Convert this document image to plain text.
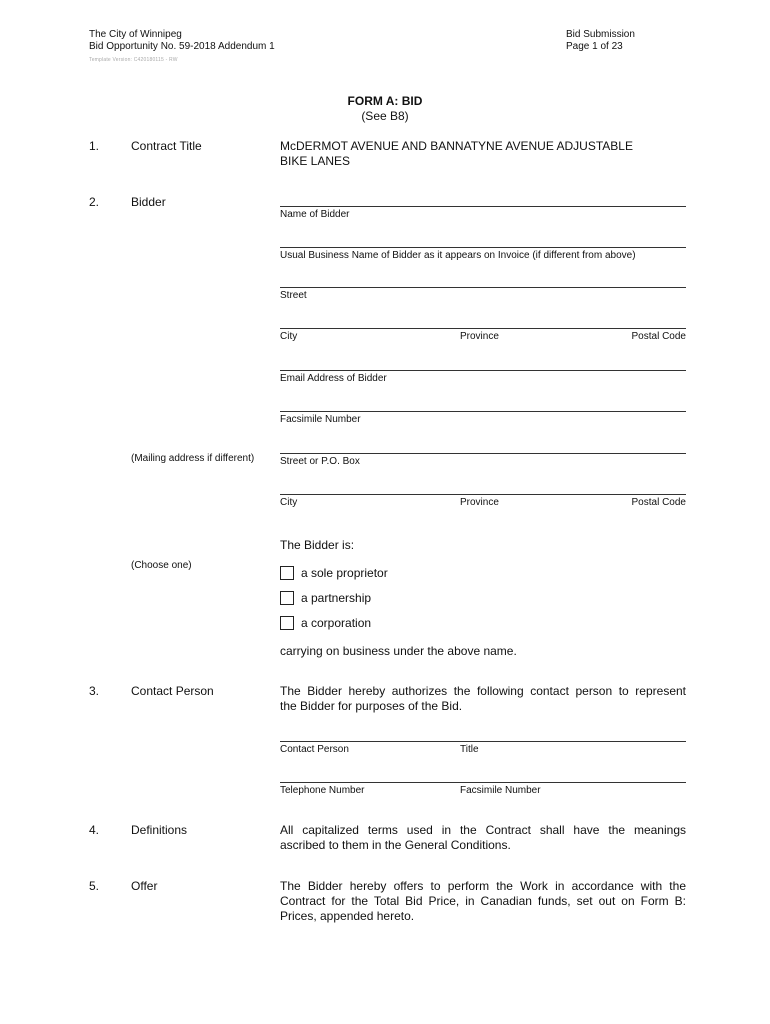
The City of Winnipeg
Bid Opportunity No. 59-2018 Addendum 1
Template Version: C420180115 - RW
Bid Submission
Page 1 of 23
FORM A: BID
(See B8)
1.	Contract Title	McDERMOT AVENUE AND BANNATYNE AVENUE ADJUSTABLE
BIKE LANES
2.	Bidder
Name of Bidder
Usual Business Name of Bidder as it appears on Invoice (if different from above)
Street
City	Province	Postal Code
Email Address of Bidder
Facsimile Number
(Mailing address if different)	Street or P.O. Box
City	Province	Postal Code
The Bidder is:
(Choose one)
a sole proprietor
a partnership
a corporation
carrying on business under the above name.
3.	Contact Person	The Bidder hereby authorizes the following contact person to represent
the Bidder for purposes of the Bid.
Contact Person	Title
Telephone Number	Facsimile Number
4.	Definitions	All capitalized terms used in the Contract shall have the meanings
ascribed to them in the General Conditions.
5.	Offer	The Bidder hereby offers to perform the Work in accordance with the
Contract for the Total Bid Price, in Canadian funds, set out on Form B:
Prices, appended hereto.
